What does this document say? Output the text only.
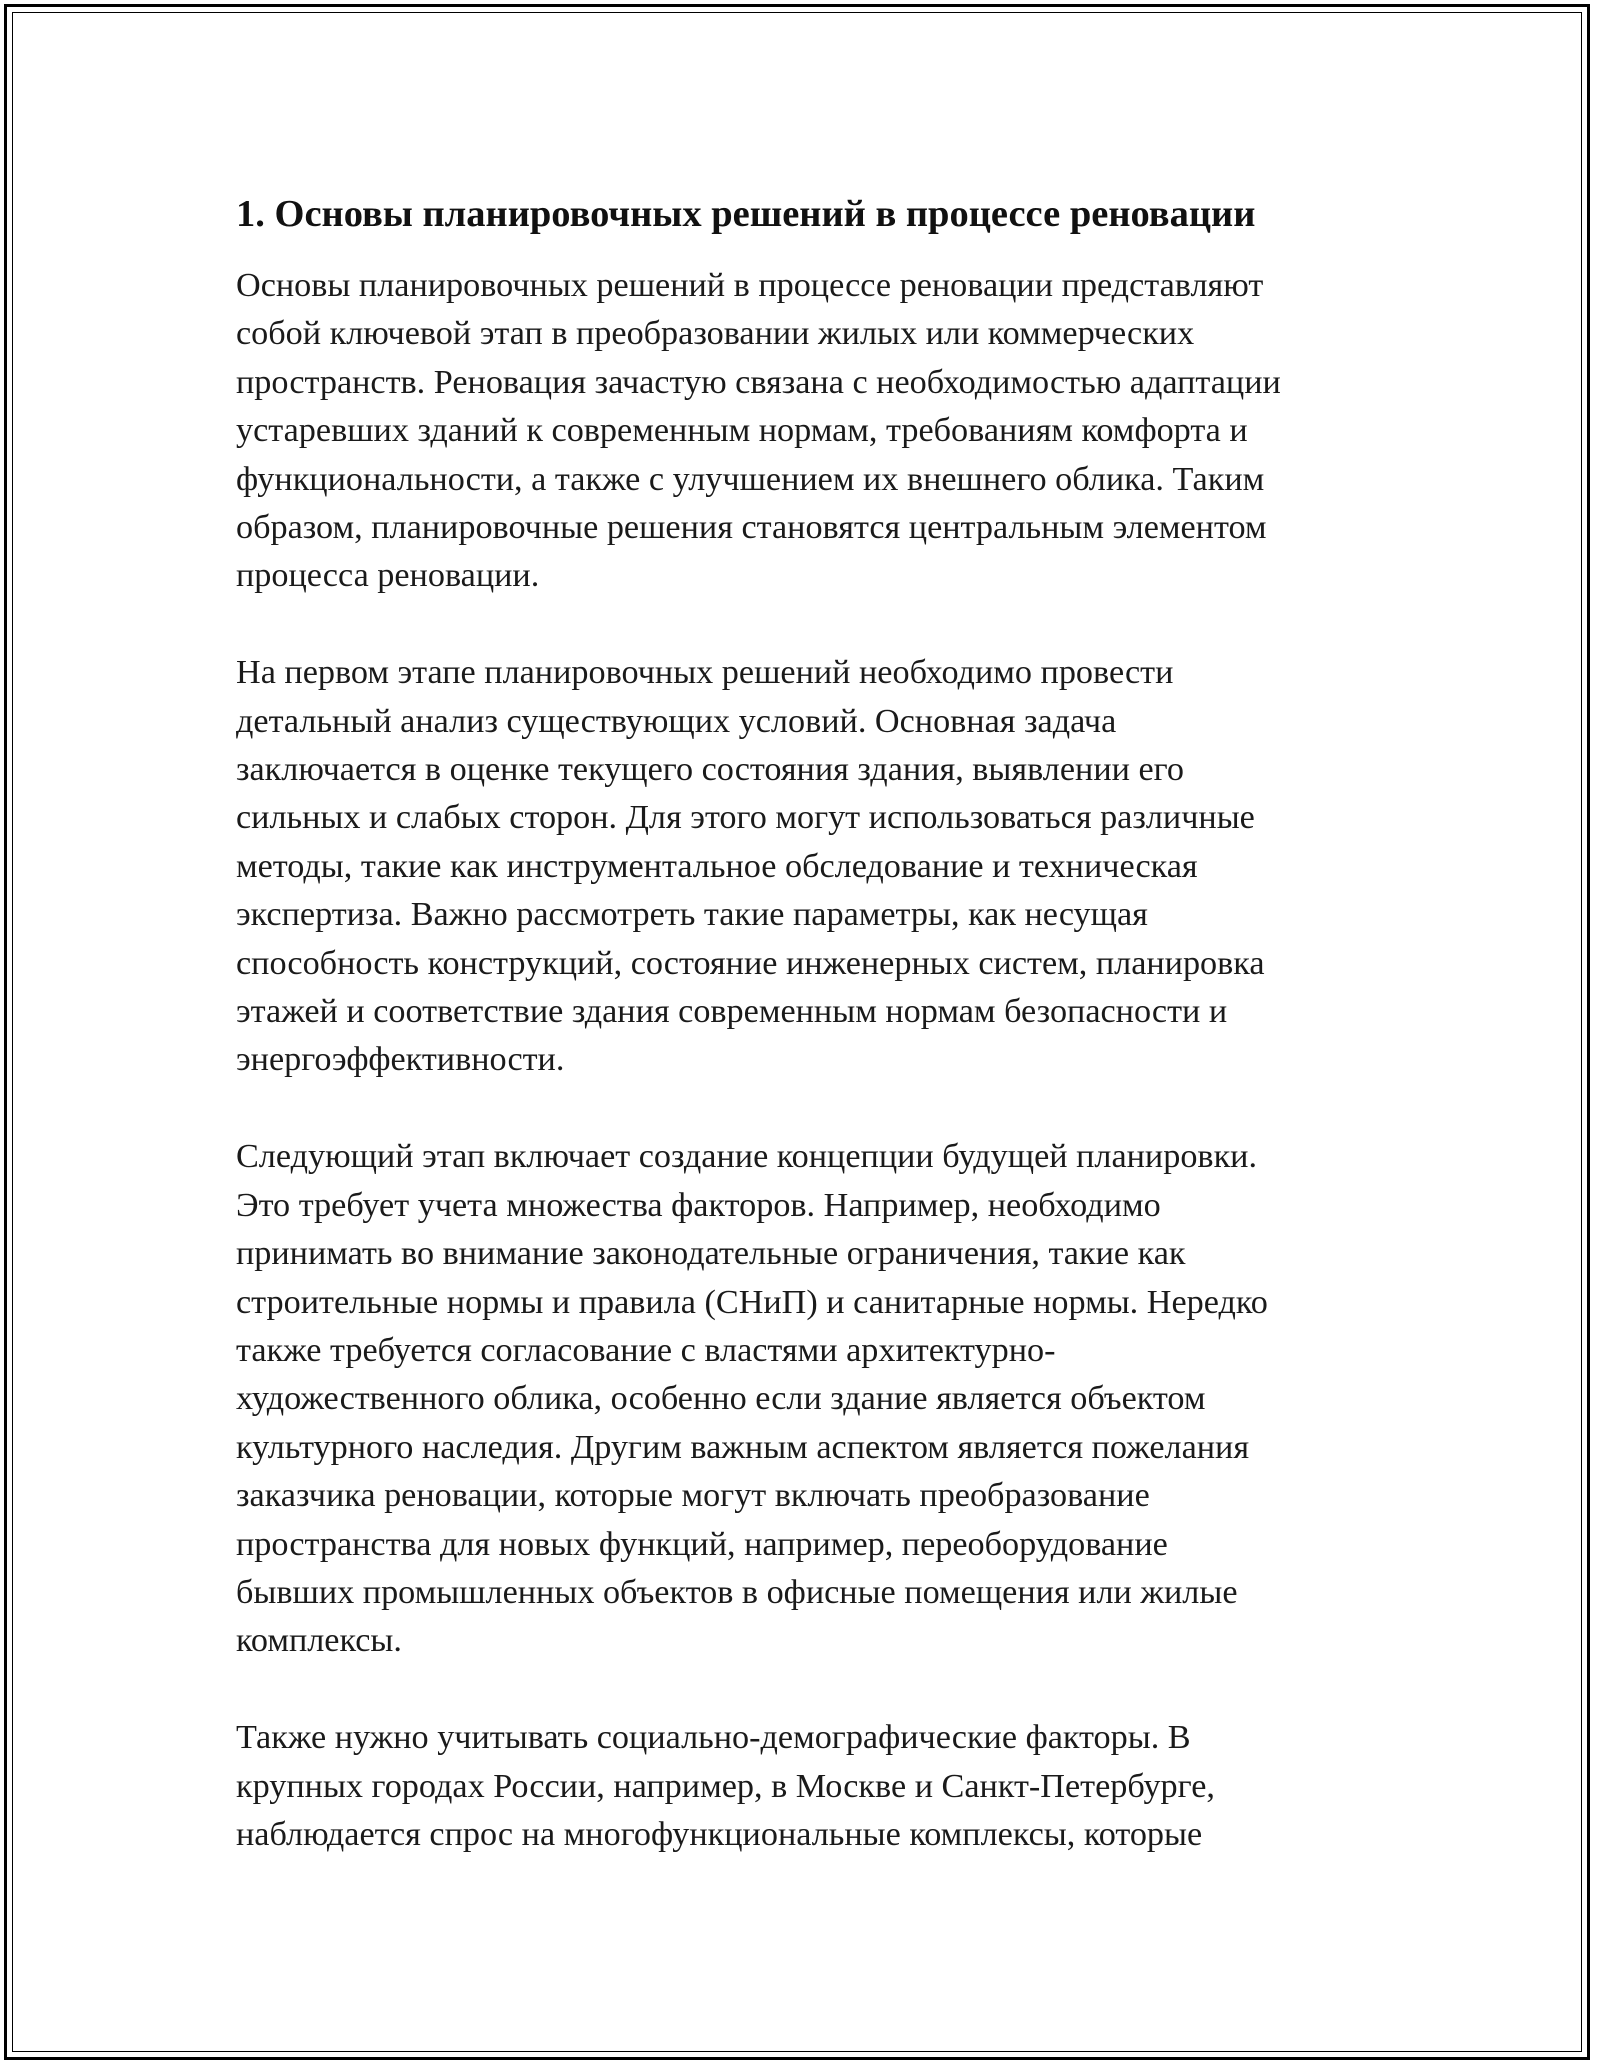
1. Основы планировочных решений в процессе реновации

Основы планировочных решений в процессе реновации представляют
собой ключевой этап в преобразовании жилых или коммерческих
пространств. Реновация зачастую связана с необходимостью адаптации
устаревших зданий к современным нормам, требованиям комфорта и
функциональности, а также с улучшением их внешнего облика. Таким
образом, планировочные решения становятся центральным элементом
процесса реновации.

На первом этапе планировочных решений необходимо провести
детальный анализ существующих условий. Основная задача
заключается в оценке текущего состояния здания, выявлении его
сильных и слабых сторон. Для этого могут использоваться различные
методы, такие как инструментальное обследование и техническая
экспертиза. Важно рассмотреть такие параметры, как несущая
способность конструкций, состояние инженерных систем, планировка
этажей и соответствие здания современным нормам безопасности и
энергоэффективности.

Следующий этап включает создание концепции будущей планировки.
Это требует учета множества факторов. Например, необходимо
принимать во внимание законодательные ограничения, такие как
строительные нормы и правила (СНиП) и санитарные нормы. Нередко
также требуется согласование с властями архитектурно-
художественного облика, особенно если здание является объектом
культурного наследия. Другим важным аспектом является пожелания
заказчика реновации, которые могут включать преобразование
пространства для новых функций, например, переоборудование
бывших промышленных объектов в офисные помещения или жилые
комплексы.

Также нужно учитывать социально-демографические факторы. В
крупных городах России, например, в Москве и Санкт-Петербурге,
наблюдается спрос на многофункциональные комплексы, которые
